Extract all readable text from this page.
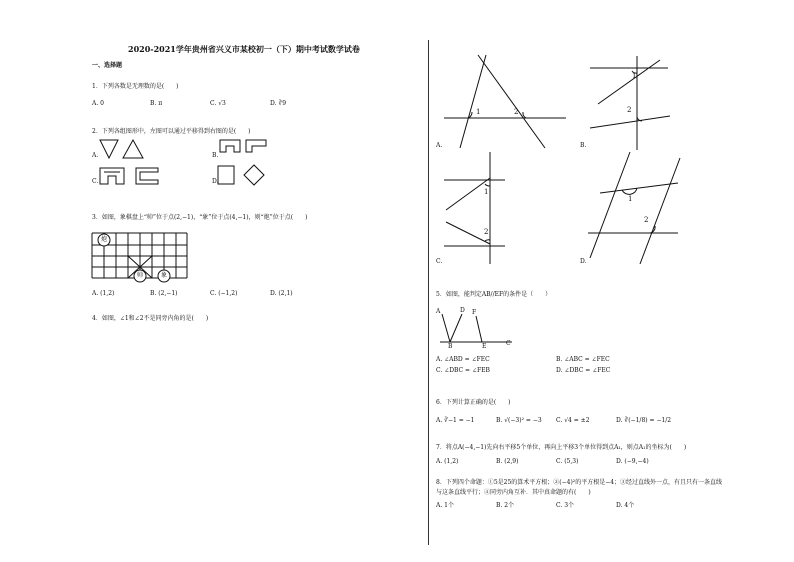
2020-2021学年贵州省兴义市某校初一（下）期中考试数学试卷
一、选择题
1．下列各数是无理数的是(　　)
A. 0	B. π	C. √3	D. ∛9
2．下列各组图形中，左图可以通过平移得到右图的是(　　)
A.	B.
C.	D.
3．如图，象棋盘上“帅”位于点(2,−1)，“象”位于点(4,−1)，则“炮”位于点(　　)
炮
帅	象
A. (1,2)	B. (2,−1)	C. (−1,2)	D. (2,1)
4．如图，∠1和∠2不是同旁内角的是(　　)
A.	B.
C.	D.
1	2
1
2
1
2
1
2
5．如图，能判定AB//EF的条件是（　　）
A	D F
B	E	C
A. ∠ABD = ∠FEC	B. ∠ABC = ∠FEC
C. ∠DBC = ∠FEB	D. ∠DBC = ∠FEC
6．下列计算正确的是(　　)
A. ∛−1 = −1	B. √(−3)² = −3 C. √4 = ±2	D. ∛(−1/8) = −1/2
7．将点A(−4,−1)先向右平移5个单位，再向上平移3个单位得到点A₁，则点A₁的坐标为(　　)
A. (1,2)	B. (2,9)	C. (5,3)	D. (−9,−4)
8．下列四个命题：①5是25的算术平方根；②(−4)²的平方根是−4；③经过直线外一点，有且只有一条直线
与这条直线平行；④同旁内角互补．其中真命题的有(　　)
A. 1个	B. 2个	C. 3个	D. 4个
